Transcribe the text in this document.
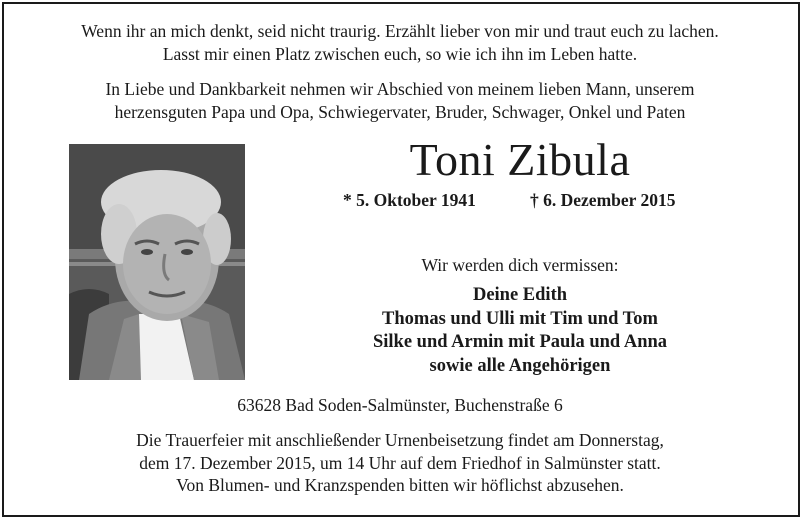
Wenn ihr an mich denkt, seid nicht traurig. Erzählt lieber von mir und traut euch zu lachen.
Lasst mir einen Platz zwischen euch, so wie ich ihn im Leben hatte.
In Liebe und Dankbarkeit nehmen wir Abschied von meinem lieben Mann, unserem
herzensguten Papa und Opa, Schwiegervater, Bruder, Schwager, Onkel und Paten
Toni Zibula
* 5. Oktober 1941	† 6. Dezember 2015
Wir werden dich vermissen:
Deine Edith
Thomas und Ulli mit Tim und Tom
Silke und Armin mit Paula und Anna
sowie alle Angehörigen
63628 Bad Soden-Salmünster, Buchenstraße 6
Die Trauerfeier mit anschließender Urnenbeisetzung findet am Donnerstag,
dem 17. Dezember 2015, um 14 Uhr auf dem Friedhof in Salmünster statt.
Von Blumen- und Kranzspenden bitten wir höflichst abzusehen.
